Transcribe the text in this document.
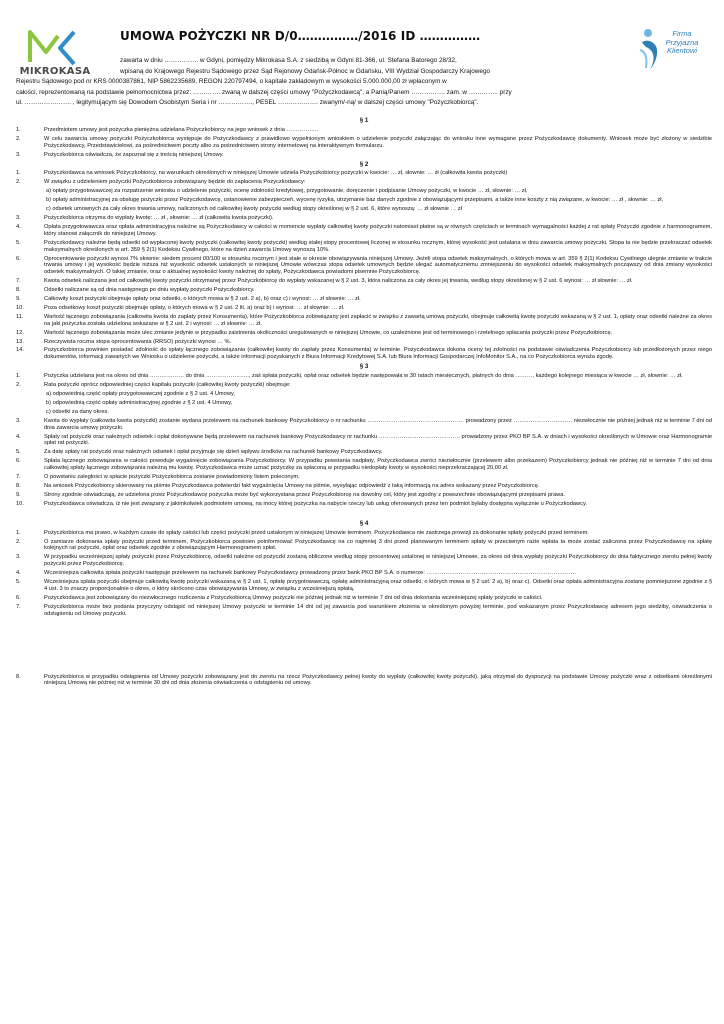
MIKROKASA
UMOWA POŻYCZKI NR D/0……………/2016 ID ……………	Firma
Przyjazna
Klientowi
zawarta w dniu ……………. w Gdyni, pomiędzy Mikrokasa S.A. z siedzibą w Gdyni 81-366, ul. Stefana Batorego 28/32,
wpisaną do Krajowego Rejestru Sądowego przez Sąd Rejonowy Gdańsk-Północ w Gdańsku, VIII Wydział Gospodarczy Krajowego
Rejestru Sądowego pod nr KRS 0000387861, NIP 5862235689, REGON 220797494, o kapitale zakładowym w wysokości 5.000.000,00 zł wpłaconym w
całości, reprezentowaną na podstawie pełnomocnictwa przez: …………. zwaną w dalszej części umowy "Pożyczkodawcą", a Panią/Panem ……………. zam. w ………….. przy
ul. …………………. , legitymującym się Dowodem Osobistym Seria i nr ……………., PESEL ………………. zwanym/-ną/ w dalszej części umowy "Pożyczkobiorcą".
§ 1
1.	Przedmiotem umowy jest pożyczka pieniężna udzielana Pożyczkobiorcy na jego wniosek z dnia ……………..
2.	W celu zawarcia umowy pożyczki Pożyczkobiorca występuje do Pożyczkodawcy z prawidłowo wypełnionym wnioskiem o udzielenie pożyczki załączając do wniosku inne wymagane przez Pożyczkodawcę dokumenty. Wniosek może być złożony w siedzibie Pożyczkodawcy, Przedstawicielowi, za pośrednictwem poczty albo za pośrednictwem strony internetowej na interaktywnym formularzu.
3.	Pożyczkobiorca oświadcza, że zapoznał się z treścią niniejszej Umowy.
§ 2
1.	Pożyczkodawca na wniosek Pożyczkobiorcy, na warunkach określonych w niniejszej Umowie udziela Pożyczkobiorcy pożyczki w kwocie: … zł, słownie: … zł (całkowita kwota pożyczki)
2.	W związku z udzieleniem pożyczki Pożyczkobiorca zobowiązany będzie do zapłacenia Pożyczkodawcy:
a) opłaty przygotowawczej za rozpatrzenie wniosku o udzielenie pożyczki, ocenę zdolności kredytowej, przygotowanie, doręczenie i podpisanie Umowy pożyczki, w kwocie … zł, słownie: … zł,
b) opłaty administracyjnej za obsługę pożyczki przez Pożyczkodawcę, ustanowienie zabezpieczeń, wycenę ryzyka, utrzymanie baz danych zgodnie z obowiązującymi przepisami, a także inne koszty z nią związane, w kwocie: … zł , słownie: … zł,
c) odsetek umownych za cały okres trwania umowy, naliczonych od całkowitej kwoty pożyczki według stopy określonej w § 2 ust. 6, które wynoszą: … zł słownie … zł
3.	Pożyczkobiorca otrzyma do wypłaty kwotę: … zł , słownie: … zł (całkowita kwota pożyczki).
4.	Opłata przygotowawcza oraz opłata administracyjna należne są Pożyczkodawcy w całości w momencie wypłaty całkowitej kwoty pożyczki natomiast płatne są w równych częściach w terminach wymagalności każdej z rat spłaty Pożyczki zgodnie z harmonogramem, który stanowi załącznik do niniejszej Umowy.
5.	Pożyczkodawcy należne będą odsetki od wypłaconej kwoty pożyczki (całkowitej kwoty pożyczki) według stałej stopy procentowej liczonej w stosunku rocznym, której wysokość jest ustalana w dniu zawarcia umowy pożyczki. Stopa ta nie będzie przekraczać odsetek maksymalnych określonych w art. 359 § 2(1) Kodeksu Cywilnego, które na dzień zawarcia Umowy wynoszą 10%.
6.	Oprocentowanie pożyczki wynosi 7% słownie: siedem procent 00/100 w stosunku rocznym i jest stałe w okresie obowiązywania niniejszej Umowy. Jeżeli stopa odsetek maksymalnych, o których mowa w art. 359 § 2(1) Kodeksu Cywilnego ulegnie zmianie w trakcie trwania umowy i jej wysokość będzie niższa niż wysokość odsetek ustalonych w niniejszej Umowie wówczas stopa odsetek umownych będzie ulegać automatycznemu zmniejszeniu do wysokości odsetek maksymalnych począwszy od dnia zmiany wysokości odsetek maksymalnych. O takiej zmianie, oraz o aktualnej wysokości kwoty należnej do spłaty, Pożyczkodawca powiadomi pisemnie Pożyczkobiorcę.
7.	Kwota odsetek naliczana jest od całkowitej kwoty pożyczki otrzymanej przez Pożyczkobiorcę do wypłaty wskazanej w § 2 ust. 3, która naliczona za cały okres jej trwania, według stopy określonej w § 2 ust. 6 wynosi: … zł słownie: … zł.
8.	Odsetki naliczane są od dnia następnego po dniu wypłaty pożyczki Pożyczkobiorcy.
9.	Całkowity koszt pożyczki obejmuje opłaty oraz odsetki, o których mowa w § 2 ust. 2 a), b) oraz c) i wynosi: … zł słownie: … zł.
10.	Poza odsetkowy koszt pożyczki obejmuje opłaty, o których mowa w § 2 ust. 2 lit. a) oraz b) i wynosi: … zł słownie: … zł.
11.	Wartość łącznego zobowiązania (całkowita kwota do zapłaty przez Konsumenta), które Pożyczkobiorca zobowiązany jest zapłacić w związku z zawartą umową pożyczki, obejmuje całkowitą kwotę pożyczki wskazaną w § 2 ust. 1, opłaty oraz odsetki należne za okres na jaki pożyczka została udzielona wskazane w § 2 ust. 2 i wynosi: … zł słownie: … zł.
12.	Wartość łącznego zobowiązania może ulec zmianie jedynie w przypadku zaistnienia okoliczności uregulowanych w niniejszej Umowie, co uzależnione jest od terminowego i rzetelnego spłacania pożyczki przez Pożyczkobiorcę.
13.	Rzeczywista roczna stopa oprocentowania (RRSO) pożyczki wynosi … %.
14.	Pożyczkobiorca powinien posiadać zdolność do spłaty łącznego zobowiązania (całkowitej kwoty do zapłaty przez Konsumenta) w terminie. Pożyczkodawca dokona oceny tej zdolności na podstawie oświadczenia Pożyczkobiorcy lub przedłożonych przez niego dokumentów, informacji zawartych we Wniosku o udzielenie pożyczki, a także informacji pozyskanych z Biura Informacji Kredytowej S.A. lub Biura Informacji Gospodarczej InfoMonitor S.A., na co Pożyczkobiorca wyraża zgodę.
§ 3
1.	Pożyczka udzielana jest na okres od dnia ……………… do dnia ………………….., zaś spłata pożyczki, opłat oraz odsetek będzie następowała w 30 ratach miesięcznych, płatnych do dnia ………, każdego kolejnego miesiąca w kwocie … zł, słownie: … zł.
2.	Rata pożyczki oprócz odpowiedniej części kapitału pożyczki (całkowitej kwoty pożyczki) obejmuje:
a) odpowiednią część opłaty przygotowawczej zgodnie z § 2 ust. 4 Umowy,
b) odpowiednią część opłaty administracyjnej zgodnie z § 2 ust. 4 Umowy,
c) odsetki za dany okres.
3.	Kwota do wypłaty (całkowita kwota pożyczki) zostanie wydana przelewem na rachunek bankowy Pożyczkobiorcy o nr rachunku …………………………………………… prowadzony przez …………………………. niezwłocznie nie później jednak niż w terminie 7 dni od dnia zawarcia umowy pożyczki.
4.	Spłaty rat pożyczki oraz należnych odsetek i opłat dokonywane będą przelewem na rachunek bankowy Pożyczkodawcy nr rachunku ……………………………………. prowadzony przez PKO BP S.A. w dniach i wysokości określonych w Umowie oraz Harmonogramie spłat rat pożyczki.
5.	Za datę spłaty rat pożyczki oraz należnych odsetek i opłat przyjmuje się dzień wpływu środków na rachunek bankowy Pożyczkodawcy.
6.	Spłata łącznego zobowiązania w całości powoduje wygaśnięcie zobowiązania Pożyczkobiorcy. W przypadku powstania nadpłaty, Pożyczkodawca zwróci niezwłocznie (przelewem albo przekazem) Pożyczkobiorcy jednak nie później niż w terminie 7 dni od dnia całkowitej spłaty łącznego zobowiązania należną mu kwotę. Pożyczkodawca może uznać pożyczkę za spłaconą w przypadku niedopłaty kwoty w wysokości nieprzekraczającej 20,00 zł.
7.	O powstaniu zaległości w spłacie pożyczki Pożyczkobiorca zostanie powiadomiony listem poleconym.
8.	Na wniosek Pożyczkobiorcy skierowany na piśmie Pożyczkodawca potwierdzi fakt wygaśnięcia Umowy na piśmie, wysyłając odpowiedź z taką informacją na adres wskazany przez Pożyczkobiorcę.
9.	Strony zgodnie oświadczają, że udzielona przez Pożyczkodawcę pożyczka może być wykorzystana przez Pożyczkobiorcę na dowolny cel, który jest zgodny z powszechnie obowiązującymi przepisami prawa.
10.	Pożyczkodawca oświadcza, iż nie jest związany z jakimkolwiek podmiotem umową, na mocy której pożyczka na nabycie rzeczy lub usług oferowanych przez ten podmiot byłaby dostępna wyłącznie u Pożyczkodawcy.
§ 4
1.	Pożyczkobiorca ma prawo, w każdym czasie do spłaty całości lub części pożyczki przed ustalonym w niniejszej Umowie terminem. Pożyczkodawca nie zastrzega prowizji za dokonanie spłaty pożyczki przed terminem.
2.	O zamiarze dokonania spłaty pożyczki przed terminem, Pożyczkobiorca powinien poinformować Pożyczkodawcę na co najmniej 3 dni przed planowanym terminem spłaty w przeciwnym razie wpłata ta może zostać zaliczona przez Pożyczkodawcę na spłatę kolejnych rat pożyczki, opłat oraz odsetek zgodnie z obowiązującym Harmonogramem spłat.
3.	W przypadku wcześniejszej spłaty pożyczki przez Pożyczkobiorcę, odsetki należne od pożyczki zostaną obliczone według stopy procentowej ustalonej w niniejszej Umowie, za okres od dnia wypłaty pożyczki Pożyczkobiorcy do dnia faktycznego zwrotu pełnej kwoty pożyczki przez Pożyczkobiorcę.
4.	Wcześniejsza całkowita spłata pożyczki następuje przelewem na rachunek bankowy Pożyczkodawcy prowadzony przez bank PKO BP S.A. o numerze: …………………………………………………………………….
5.	Wcześniejsza spłata pożyczki obejmuje całkowitą kwotę pożyczki wskazaną w § 2 ust. 1, opłatę przygotowawczą, opłatę administracyjną oraz odsetki, o których mowa w § 2 ust. 2 a), b) oraz c). Odsetki oraz opłata administracyjna zostanę pomniejszone zgodnie z § 4 ust. 3 to znaczy proporcjonalnie o okres, o który skrócono czas obowiązywania Umowy, w związku z wcześniejszą spłatą.
6.	Pożyczkodawca jest zobowiązany do niezwłocznego rozliczenia z Pożyczkobiorcą Umowy pożyczki nie później jednak niż w terminie 7 dni od dnia dokonania wcześniejszej spłaty pożyczki w całości.
7.	Pożyczkobiorca może bez podania przyczyny odstąpić od niniejszej Umowy pożyczki w terminie 14 dni od jej zawarcia pod warunkiem złożenia w określonym powyżej terminie, pod wskazanym przez Pożyczkodawcę adresem jego siedziby, oświadczenia o odstąpieniu od Umowy pożyczki.
8.	Pożyczkobiorca w przypadku odstąpienia od Umowy pożyczki zobowiązany jest do zwrotu na rzecz Pożyczkodawcy pełnej kwoty do wypłaty (całkowitej kwoty pożyczki), jaką otrzymał do dyspozycji na podstawie Umowy pożyczki wraz z odsetkami określonymi niniejszą Umową nie później niż w terminie 30 dni od dnia złożenia oświadczenia o odstąpieniu od umowy.
